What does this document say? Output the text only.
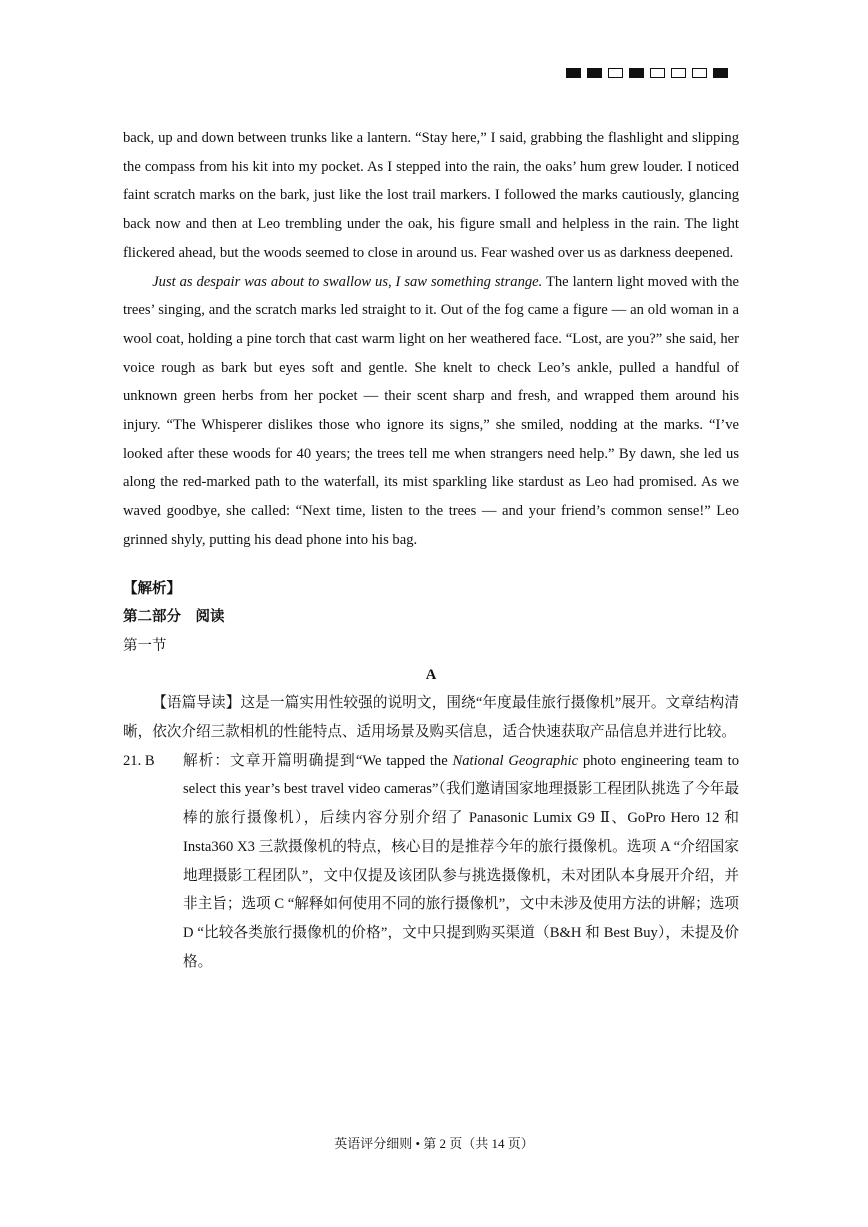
back, up and down between trunks like a lantern. “Stay here,” I said, grabbing the flashlight and slipping the compass from his kit into my pocket. As I stepped into the rain, the oaks’ hum grew louder. I noticed faint scratch marks on the bark, just like the lost trail markers. I followed the marks cautiously, glancing back now and then at Leo trembling under the oak, his figure small and helpless in the rain. The light flickered ahead, but the woods seemed to close in around us. Fear washed over us as darkness deepened.

Just as despair was about to swallow us, I saw something strange. The lantern light moved with the trees’ singing, and the scratch marks led straight to it. Out of the fog came a figure — an old woman in a wool coat, holding a pine torch that cast warm light on her weathered face. “Lost, are you?” she said, her voice rough as bark but eyes soft and gentle. She knelt to check Leo’s ankle, pulled a handful of unknown green herbs from her pocket — their scent sharp and fresh, and wrapped them around his injury. “The Whisperer dislikes those who ignore its signs,” she smiled, nodding at the marks. “I’ve looked after these woods for 40 years; the trees tell me when strangers need help.” By dawn, she led us along the red-marked path to the waterfall, its mist sparkling like stardust as Leo had promised. As we waved goodbye, she called: “Next time, listen to the trees — and your friend’s common sense!” Leo grinned shyly, putting his dead phone into his bag.

【解析】

第二部分　阅读

第一节

A

【语篇导读】这是一篇实用性较强的说明文，围绕“年度最佳旅行摄像机”展开。文章结构清晰，依次介绍三款相机的性能特点、适用场景及购买信息，适合快速获取产品信息并进行比较。

21. B	解析：文章开篇明确提到“We tapped the National Geographic photo engineering team to select this year’s best travel video cameras”（我们邀请国家地理摄影工程团队挑选了今年最棒的旅行摄像机），后续内容分别介绍了 Panasonic Lumix G9 Ⅱ、GoPro Hero 12 和 Insta360 X3 三款摄像机的特点，核心目的是推荐今年的旅行摄像机。选项 A “介绍国家地理摄影工程团队”，文中仅提及该团队参与挑选摄像机，未对团队本身展开介绍，并非主旨；选项 C “解释如何使用不同的旅行摄像机”，文中未涉及使用方法的讲解；选项 D “比较各类旅行摄像机的价格”，文中只提到购买渠道（B&H 和 Best Buy），未提及价格。

英语评分细则 • 第 2 页（共 14 页）
